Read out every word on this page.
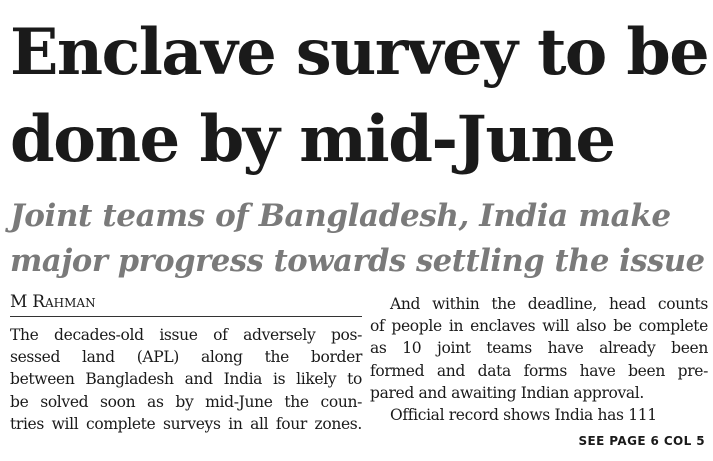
Enclave survey to be
done by mid-June
Joint teams of Bangladesh, India make
major progress towards settling the issue
M Rahman
The decades-old issue of adversely pos-
sessed land (APL) along the border
between Bangladesh and India is likely to
be solved soon as by mid-June the coun-
tries will complete surveys in all four zones.
And within the deadline, head counts
of people in enclaves will also be complete
as 10 joint teams have already been
formed and data forms have been pre-
pared and awaiting Indian approval.
Official record shows India has 111
SEE PAGE 6 COL 5
